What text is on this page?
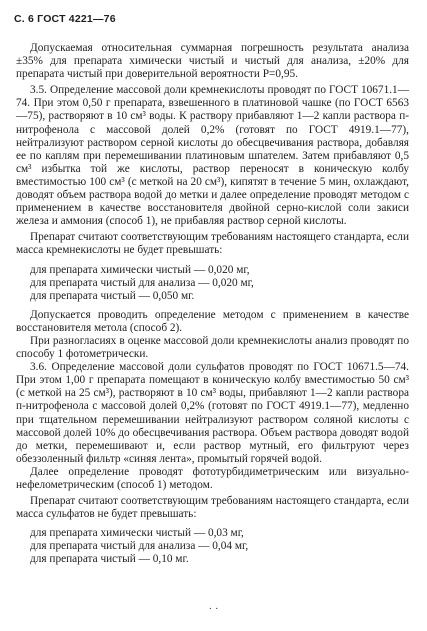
С. 6 ГОСТ 4221—76

Допускаемая относительная суммарная погрешность результата анализа ±35% для препарата химически чистый и чистый для анализа, ±20% для препарата чистый при доверительной вероятности P=0,95.

3.5. Определение массовой доли кремнекислоты проводят по ГОСТ 10671.1—74. При этом 0,50 г препарата, взвешенного в платиновой чашке (по ГОСТ 6563—75), растворяют в 10 см³ воды. К раствору прибавляют 1—2 капли раствора п-нитрофенола с массовой долей 0,2% (готовят по ГОСТ 4919.1—77), нейтрализуют раствором серной кислоты до обесцвечивания раствора, добавляя ее по каплям при перемешивании платиновым шпателем. Затем прибавляют 0,5 см³ избытка той же кислоты, раствор переносят в коническую колбу вместимостью 100 см³ (с меткой на 20 см³), кипятят в течение 5 мин, охлаждают, доводят объем раствора водой до метки и далее определение проводят методом с применением в качестве восстановителя двойной серно-кислой соли закиси железа и аммония (способ 1), не прибавляя раствор серной кислоты.

Препарат считают соответствующим требованиям настоящего стандарта, если масса кремнекислоты не будет превышать:

для препарата химически чистый — 0,020 мг,
для препарата чистый для анализа — 0,020 мг,
для препарата чистый — 0,050 мг.

Допускается проводить определение методом с применением в качестве восстановителя метола (способ 2).

При разногласиях в оценке массовой доли кремнекислоты анализ проводят по способу 1 фотометрически.

3.6. Определение массовой доли сульфатов проводят по ГОСТ 10671.5—74. При этом 1,00 г препарата помещают в коническую колбу вместимостью 50 см³ (с меткой на 25 см³), растворяют в 10 см³ воды, прибавляют 1—2 капли раствора п-нитрофенола с массовой долей 0,2% (готовят по ГОСТ 4919.1—77), медленно при тщательном перемешивании нейтрализуют раствором соляной кислоты с массовой долей 10% до обесцвечивания раствора. Объем раствора доводят водой до метки, перемешивают и, если раствор мутный, его фильтруют через обеззоленный фильтр «синяя лента», промытый горячей водой.

Далее определение проводят фототурбидиметрическим или визуально-нефелометрическим (способ 1) методом.

Препарат считают соответствующим требованиям настоящего стандарта, если масса сульфатов не будет превышать:

для препарата химически чистый — 0,03 мг,
для препарата чистый для анализа — 0,04 мг,
для препарата чистый — 0,10 мг.
· ·
